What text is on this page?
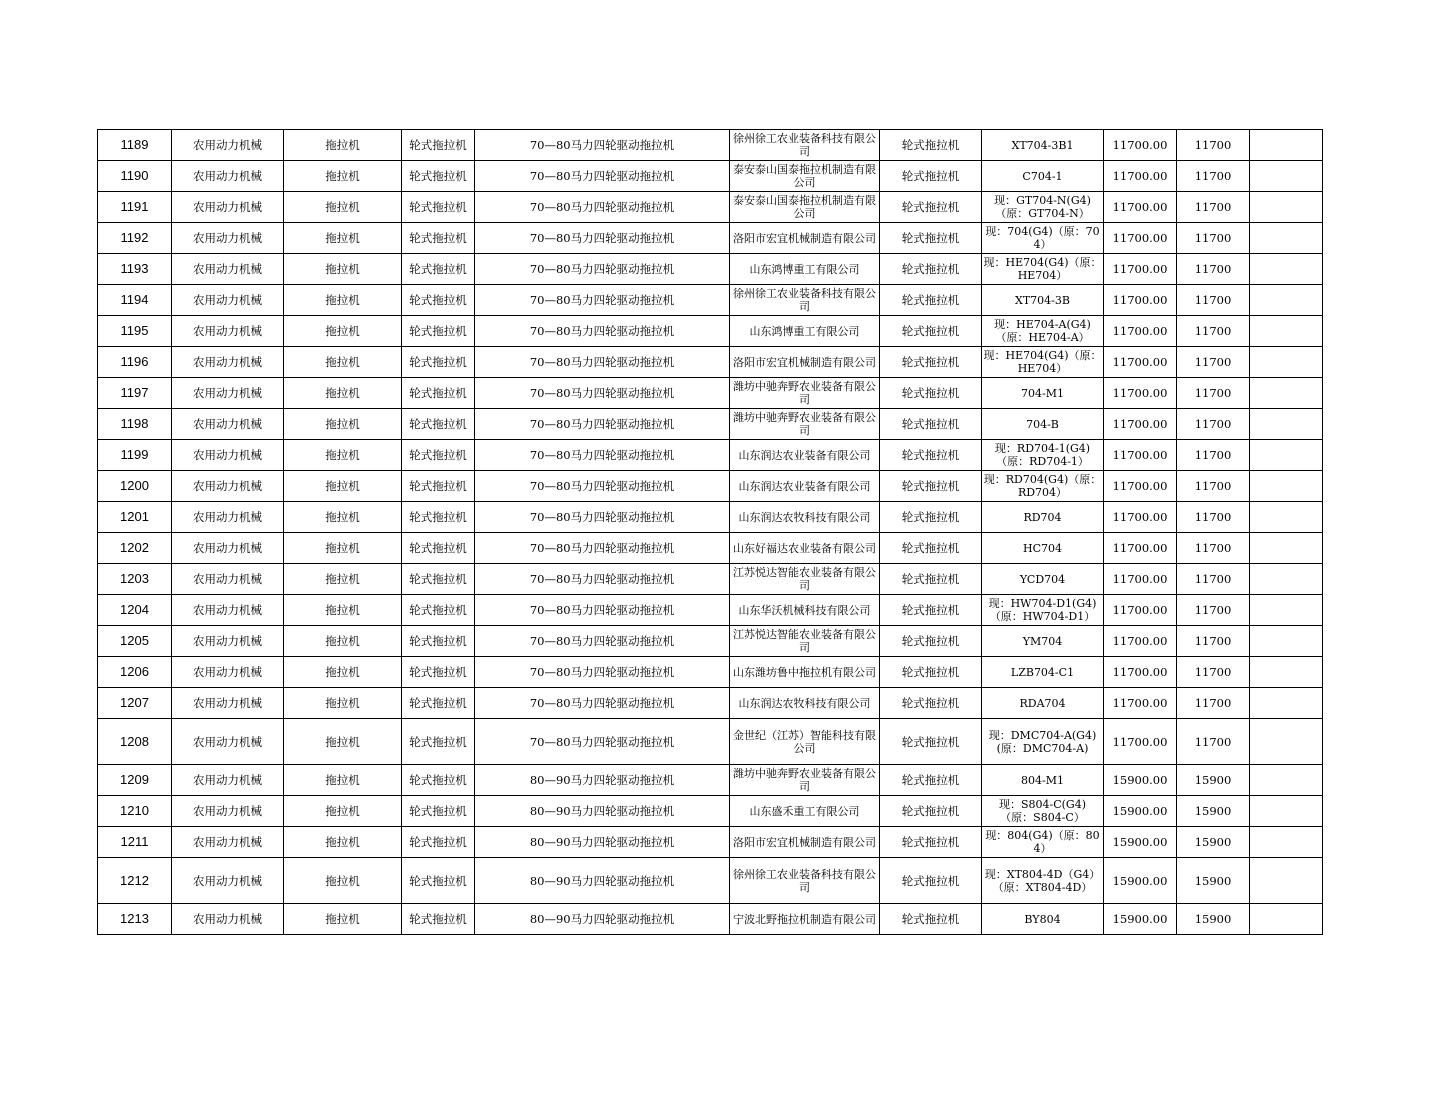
1189	农用动力机械	拖拉机	轮式拖拉机	70—80马力四轮驱动拖拉机	徐州徐工农业装备科技有限公司	轮式拖拉机	XT704-3B1	11700.00	11700	
1190	农用动力机械	拖拉机	轮式拖拉机	70—80马力四轮驱动拖拉机	泰安泰山国泰拖拉机制造有限公司	轮式拖拉机	C704-1	11700.00	11700	
1191	农用动力机械	拖拉机	轮式拖拉机	70—80马力四轮驱动拖拉机	泰安泰山国泰拖拉机制造有限公司	轮式拖拉机	现：GT704-N(G4)（原：GT704-N）	11700.00	11700	
1192	农用动力机械	拖拉机	轮式拖拉机	70—80马力四轮驱动拖拉机	洛阳市宏宜机械制造有限公司	轮式拖拉机	现：704(G4)（原：704）	11700.00	11700	
1193	农用动力机械	拖拉机	轮式拖拉机	70—80马力四轮驱动拖拉机	山东鸿博重工有限公司	轮式拖拉机	现：HE704(G4)（原：HE704）	11700.00	11700	
1194	农用动力机械	拖拉机	轮式拖拉机	70—80马力四轮驱动拖拉机	徐州徐工农业装备科技有限公司	轮式拖拉机	XT704-3B	11700.00	11700	
1195	农用动力机械	拖拉机	轮式拖拉机	70—80马力四轮驱动拖拉机	山东鸿博重工有限公司	轮式拖拉机	现：HE704-A(G4)（原：HE704-A）	11700.00	11700	
1196	农用动力机械	拖拉机	轮式拖拉机	70—80马力四轮驱动拖拉机	洛阳市宏宜机械制造有限公司	轮式拖拉机	现：HE704(G4)（原：HE704）	11700.00	11700	
1197	农用动力机械	拖拉机	轮式拖拉机	70—80马力四轮驱动拖拉机	潍坊中驰奔野农业装备有限公司	轮式拖拉机	704-M1	11700.00	11700	
1198	农用动力机械	拖拉机	轮式拖拉机	70—80马力四轮驱动拖拉机	潍坊中驰奔野农业装备有限公司	轮式拖拉机	704-B	11700.00	11700	
1199	农用动力机械	拖拉机	轮式拖拉机	70—80马力四轮驱动拖拉机	山东润达农业装备有限公司	轮式拖拉机	现：RD704-1(G4)（原：RD704-1）	11700.00	11700	
1200	农用动力机械	拖拉机	轮式拖拉机	70—80马力四轮驱动拖拉机	山东润达农业装备有限公司	轮式拖拉机	现：RD704(G4)（原：RD704）	11700.00	11700	
1201	农用动力机械	拖拉机	轮式拖拉机	70—80马力四轮驱动拖拉机	山东润达农牧科技有限公司	轮式拖拉机	RD704	11700.00	11700	
1202	农用动力机械	拖拉机	轮式拖拉机	70—80马力四轮驱动拖拉机	山东好福达农业装备有限公司	轮式拖拉机	HC704	11700.00	11700	
1203	农用动力机械	拖拉机	轮式拖拉机	70—80马力四轮驱动拖拉机	江苏悦达智能农业装备有限公司	轮式拖拉机	YCD704	11700.00	11700	
1204	农用动力机械	拖拉机	轮式拖拉机	70—80马力四轮驱动拖拉机	山东华沃机械科技有限公司	轮式拖拉机	现：HW704-D1(G4)（原：HW704-D1）	11700.00	11700	
1205	农用动力机械	拖拉机	轮式拖拉机	70—80马力四轮驱动拖拉机	江苏悦达智能农业装备有限公司	轮式拖拉机	YM704	11700.00	11700	
1206	农用动力机械	拖拉机	轮式拖拉机	70—80马力四轮驱动拖拉机	山东潍坊鲁中拖拉机有限公司	轮式拖拉机	LZB704-C1	11700.00	11700	
1207	农用动力机械	拖拉机	轮式拖拉机	70—80马力四轮驱动拖拉机	山东润达农牧科技有限公司	轮式拖拉机	RDA704	11700.00	11700	
1208	农用动力机械	拖拉机	轮式拖拉机	70—80马力四轮驱动拖拉机	金世纪（江苏）智能科技有限公司	轮式拖拉机	现：DMC704-A(G4)(原：DMC704-A)	11700.00	11700	
1209	农用动力机械	拖拉机	轮式拖拉机	80—90马力四轮驱动拖拉机	潍坊中驰奔野农业装备有限公司	轮式拖拉机	804-M1	15900.00	15900	
1210	农用动力机械	拖拉机	轮式拖拉机	80—90马力四轮驱动拖拉机	山东盛禾重工有限公司	轮式拖拉机	现：S804-C(G4)（原：S804-C）	15900.00	15900	
1211	农用动力机械	拖拉机	轮式拖拉机	80—90马力四轮驱动拖拉机	洛阳市宏宜机械制造有限公司	轮式拖拉机	现：804(G4)（原：804）	15900.00	15900	
1212	农用动力机械	拖拉机	轮式拖拉机	80—90马力四轮驱动拖拉机	徐州徐工农业装备科技有限公司	轮式拖拉机	现：XT804-4D（G4）（原：XT804-4D）	15900.00	15900	
1213	农用动力机械	拖拉机	轮式拖拉机	80—90马力四轮驱动拖拉机	宁波北野拖拉机制造有限公司	轮式拖拉机	BY804	15900.00	15900	
